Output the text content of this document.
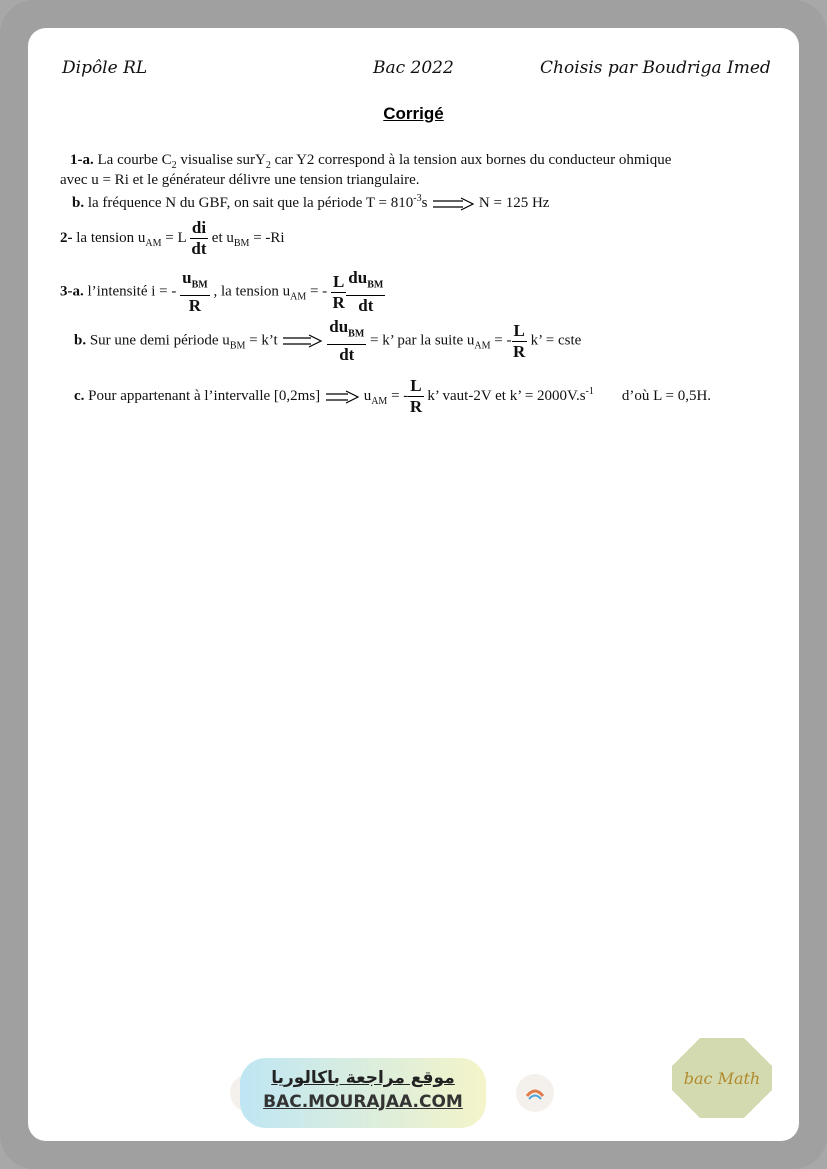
Dipôle RL	Bac 2022	Choisis par Boudriga Imed
Corrigé
1-a. La courbe $C_2$ visualise surY$_2$ car Y2 correspond à la tension aux bornes du conducteur ohmique
avec u = Ri et le générateur délivre une tension triangulaire.
b. la fréquence N du GBF, on sait que la période $T = 810^{-3}s$	N = 125 Hz
2- la tension $u_{AM} = L \frac{di}{dt}$ et $u_{BM} = -Ri$
3-a. l’intensité i = - $\frac{u_{BM}}{R}$ , la tension $u_{AM}$ = - $\frac{L}{R} \frac{du_{BM}}{dt}$
b. Sur une demi période $u_{BM}$ = k’t	$\frac{du_{BM}}{dt} = k$’ par la suite $u_{AM}$ = - $\frac{L}{R} k$’ = cste
c. Pour appartenant à l’intervalle [0,2ms]	$u_{AM}$ = - $\frac{L}{R} k$’ vaut-2V et k’ = $2000V.s^{-1}$ d’où L = 0,5H.
موقع مراجعة باكالوريا
BAC.MOURAJAA.COM
bac Math
